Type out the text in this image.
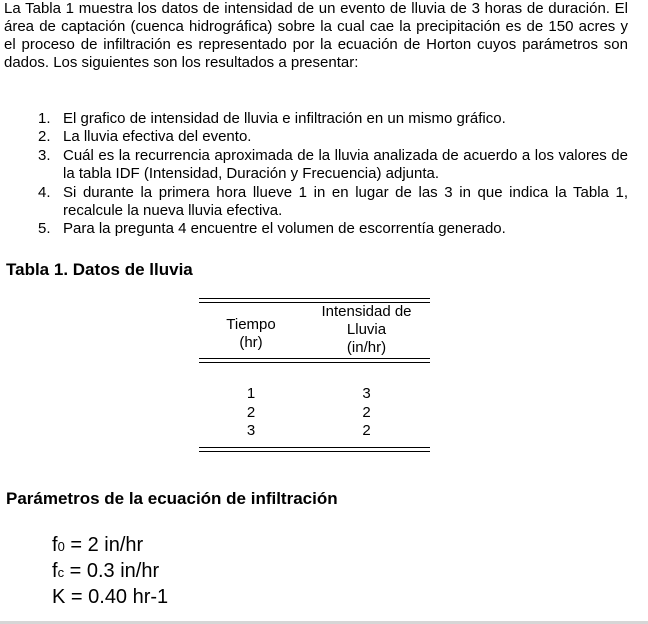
La Tabla 1 muestra los datos de intensidad de un evento de lluvia de 3 horas de duración. El área de captación (cuenca hidrográfica) sobre la cual cae la precipitación es de 150 acres y el proceso de infiltración es representado por la ecuación de Horton cuyos parámetros son dados. Los siguientes son los resultados a presentar:

1. El grafico de intensidad de lluvia e infiltración en un mismo gráfico.
2. La lluvia efectiva del evento.
3. Cuál es la recurrencia aproximada de la lluvia analizada de acuerdo a los valores de la tabla IDF (Intensidad, Duración y Frecuencia) adjunta.
4. Si durante la primera hora llueve 1 in en lugar de las 3 in que indica la Tabla 1, recalcule la nueva lluvia efectiva.
5. Para la pregunta 4 encuentre el volumen de escorrentía generado.
Tabla 1. Datos de lluvia
Tiempo
(hr)
Intensidad de
Lluvia
(in/hr)
1
2
3
3
2
2
Parámetros de la ecuación de infiltración
f0 = 2 in/hr
fc = 0.3 in/hr
K = 0.40 hr-1
